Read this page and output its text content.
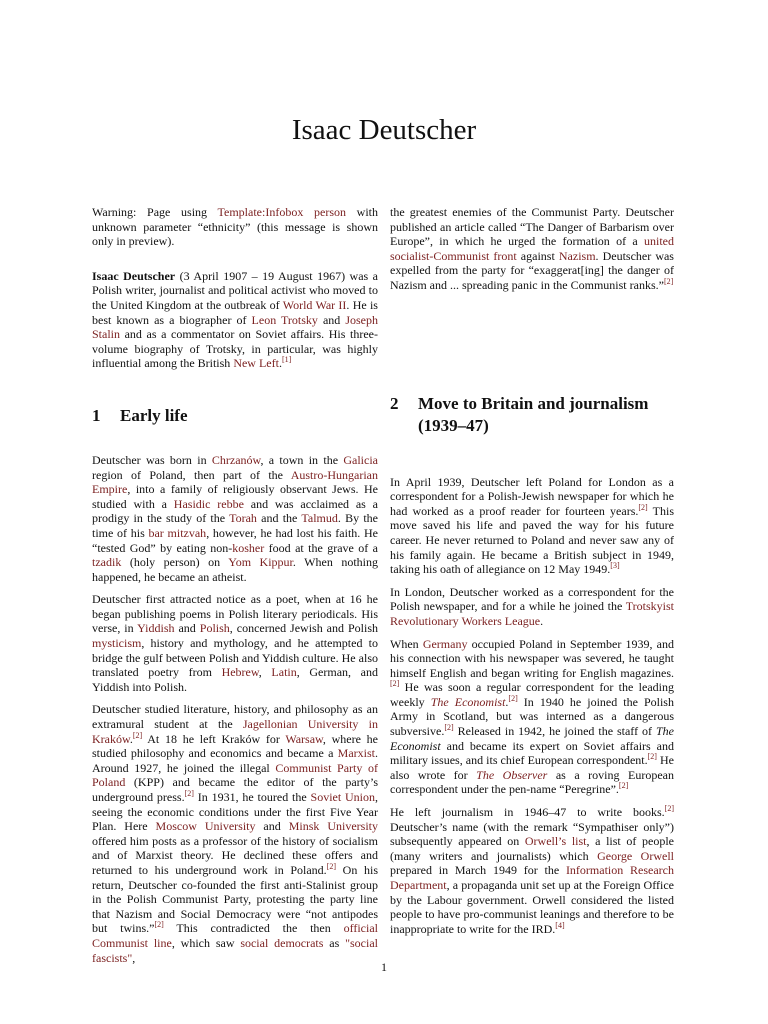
Isaac Deutscher

Warning: Page using Template:Infobox person with unknown parameter “ethnicity” (this message is shown only in preview).

Isaac Deutscher (3 April 1907 – 19 August 1967) was a Polish writer, journalist and political activist who moved to the United Kingdom at the outbreak of World War II. He is best known as a biographer of Leon Trotsky and Joseph Stalin and as a commentator on Soviet affairs. His three-volume biography of Trotsky, in particular, was highly influential among the British New Left.[1]

1	Early life

Deutscher was born in Chrzanów, a town in the Galicia region of Poland, then part of the Austro-Hungarian Empire, into a family of religiously observant Jews. He studied with a Hasidic rebbe and was acclaimed as a prodigy in the study of the Torah and the Talmud. By the time of his bar mitzvah, however, he had lost his faith. He “tested God” by eating non-kosher food at the grave of a tzadik (holy person) on Yom Kippur. When nothing happened, he became an atheist.

Deutscher first attracted notice as a poet, when at 16 he began publishing poems in Polish literary periodicals. His verse, in Yiddish and Polish, concerned Jewish and Polish mysticism, history and mythology, and he attempted to bridge the gulf between Polish and Yiddish culture. He also translated poetry from Hebrew, Latin, German, and Yiddish into Polish.

Deutscher studied literature, history, and philosophy as an extramural student at the Jagellonian University in Kraków.[2] At 18 he left Kraków for Warsaw, where he studied philosophy and economics and became a Marxist. Around 1927, he joined the illegal Communist Party of Poland (KPP) and became the editor of the party’s underground press.[2] In 1931, he toured the Soviet Union, seeing the economic conditions under the first Five Year Plan. Here Moscow University and Minsk University offered him posts as a professor of the history of socialism and of Marxist theory. He declined these offers and returned to his underground work in Poland.[2] On his return, Deutscher co-founded the first anti-Stalinist group in the Polish Communist Party, protesting the party line that Nazism and Social Democracy were “not antipodes but twins.”[2] This contradicted the then official Communist line, which saw social democrats as "social fascists",

the greatest enemies of the Communist Party. Deutscher published an article called “The Danger of Barbarism over Europe”, in which he urged the formation of a united socialist-Communist front against Nazism. Deutscher was expelled from the party for “exaggerat[ing] the danger of Nazism and ... spreading panic in the Communist ranks.”[2]

2	Move to Britain and journalism (1939–47)

In April 1939, Deutscher left Poland for London as a correspondent for a Polish-Jewish newspaper for which he had worked as a proof reader for fourteen years.[2] This move saved his life and paved the way for his future career. He never returned to Poland and never saw any of his family again. He became a British subject in 1949, taking his oath of allegiance on 12 May 1949.[3]

In London, Deutscher worked as a correspondent for the Polish newspaper, and for a while he joined the Trotskyist Revolutionary Workers League.

When Germany occupied Poland in September 1939, and his connection with his newspaper was severed, he taught himself English and began writing for English magazines.[2] He was soon a regular correspondent for the leading weekly The Economist.[2] In 1940 he joined the Polish Army in Scotland, but was interned as a dangerous subversive.[2] Released in 1942, he joined the staff of The Economist and became its expert on Soviet affairs and military issues, and its chief European correspondent.[2] He also wrote for The Observer as a roving European correspondent under the pen-name “Peregrine”.[2]

He left journalism in 1946–47 to write books.[2] Deutscher’s name (with the remark “Sympathiser only”) subsequently appeared on Orwell’s list, a list of people (many writers and journalists) which George Orwell prepared in March 1949 for the Information Research Department, a propaganda unit set up at the Foreign Office by the Labour government. Orwell considered the listed people to have pro-communist leanings and therefore to be inappropriate to write for the IRD.[4]

1
